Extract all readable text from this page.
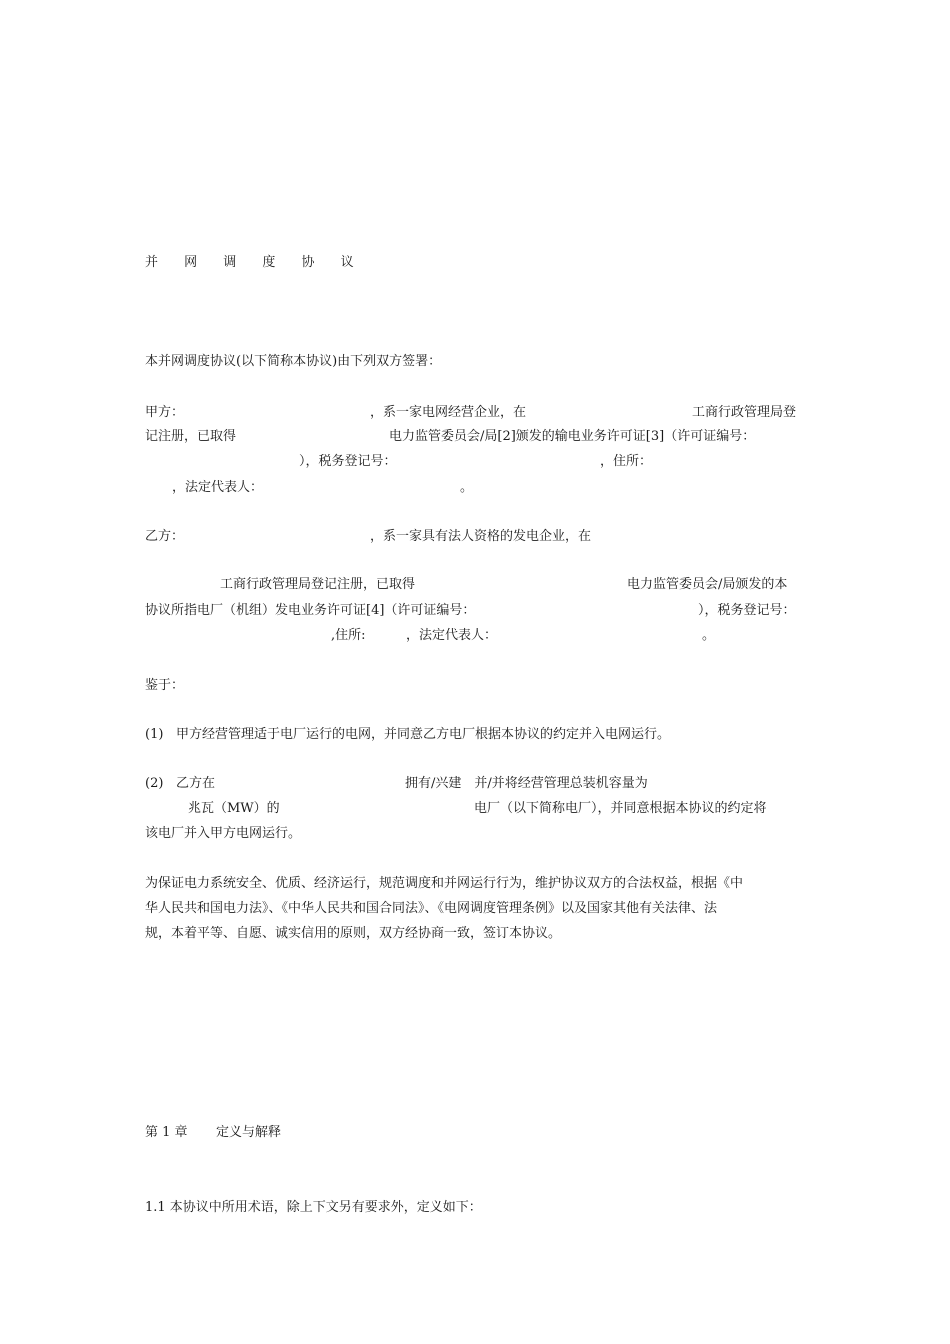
并 网 调 度 协 议

本并网调度协议(以下简称本协议)由下列双方签署：

甲方：	，系一家电网经营企业，在	工商行政管理局登
记注册，已取得	电力监管委员会/局[2]颁发的输电业务许可证[3]（许可证编号：
），税务登记号：	，住所：
，法定代表人：	。
乙方：	，系一家具有法人资格的发电企业，在
工商行政管理局登记注册，已取得	电力监管委员会/局颁发的本
协议所指电厂（机组）发电业务许可证[4]（许可证编号：	），税务登记号：
,住所:	，法定代表人：	。

鉴于：

(1) 甲方经营管理适于电厂运行的电网，并同意乙方电厂根据本协议的约定并入电网运行。
(2) 乙方在	拥有/兴建　并/并将经营管理总装机容量为
兆瓦（MW）的	电厂（以下简称电厂），并同意根据本协议的约定将
该电厂并入甲方电网运行。
为保证电力系统安全、优质、经济运行，规范调度和并网运行行为，维护协议双方的合法权益，根据《中
华人民共和国电力法》、《中华人民共和国合同法》、《电网调度管理条例》以及国家其他有关法律、法
规，本着平等、自愿、诚实信用的原则，双方经协商一致，签订本协议。
第 1 章 定义与解释

1.1 本协议中所用术语，除上下文另有要求外，定义如下：
